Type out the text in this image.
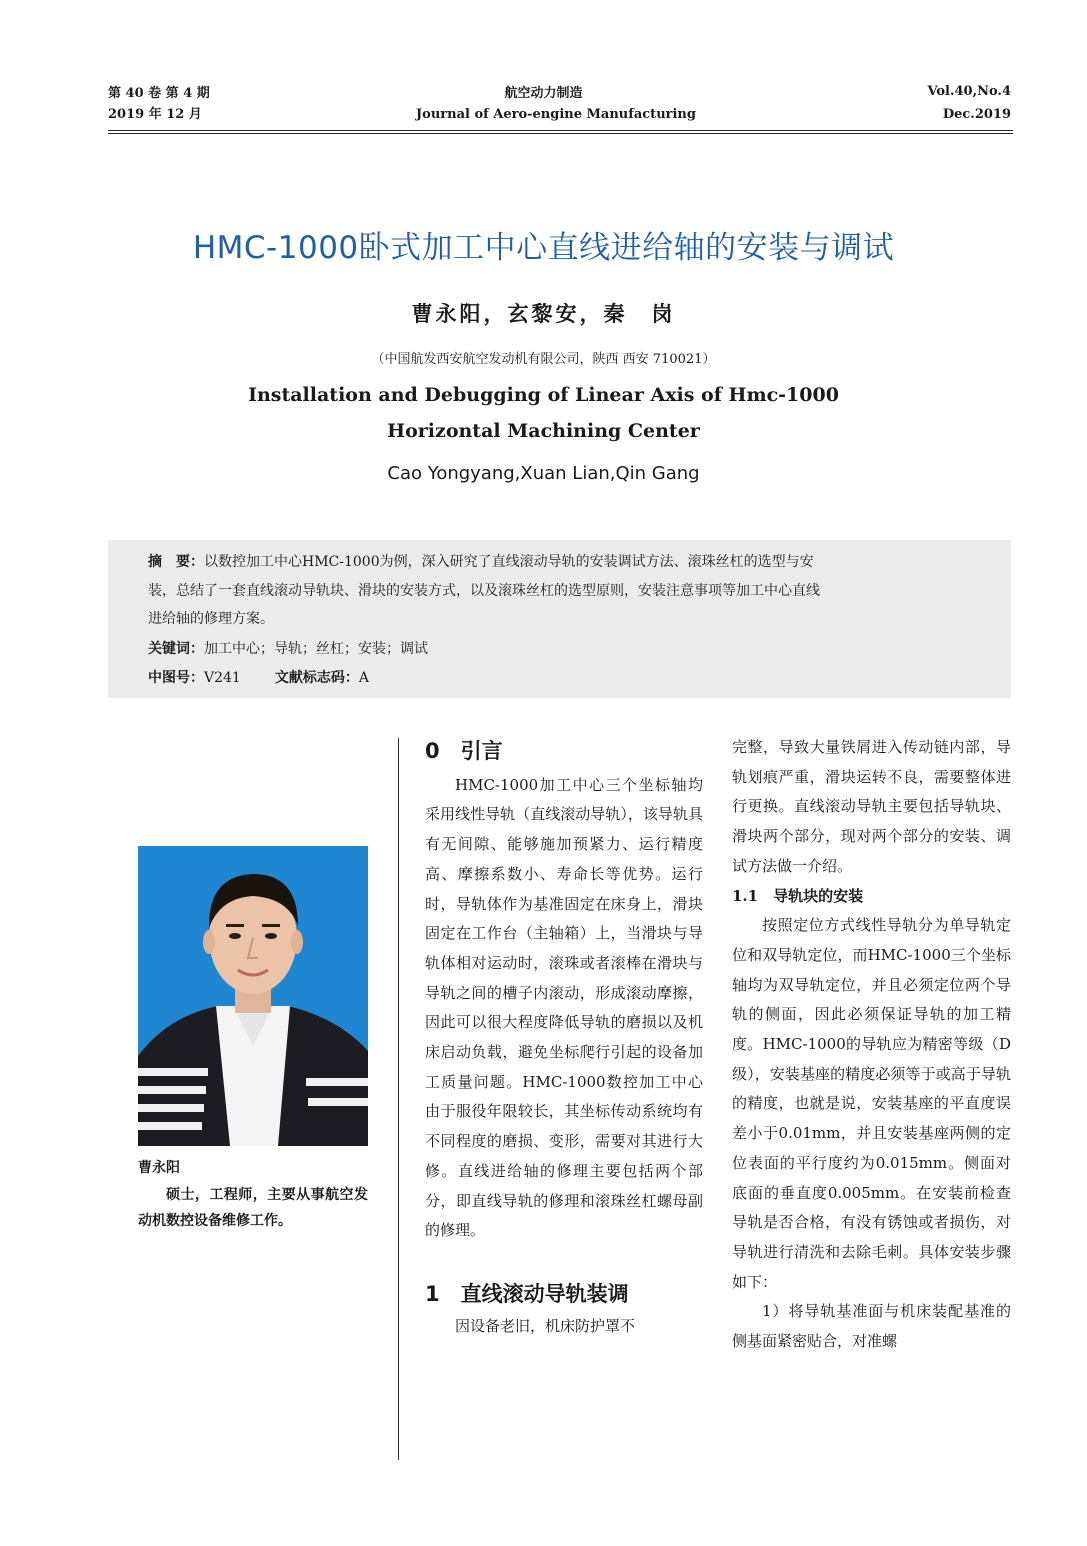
第 40 卷 第 4 期
2019 年 12 月
航空动力制造
Journal of Aero-engine Manufacturing
Vol.40,No.4
Dec.2019
HMC-1000卧式加工中心直线进给轴的安装与调试
曹永阳，玄黎安，秦　岗
（中国航发西安航空发动机有限公司，陕西 西安 710021）
Installation and Debugging of Linear Axis of Hmc-1000
Horizontal Machining Center
Cao Yongyang,Xuan Lian,Qin Gang
摘　要：以数控加工中心HMC-1000为例，深入研究了直线滚动导轨的安装调试方法、滚珠丝杠的选型与安
装，总结了一套直线滚动导轨块、滑块的安装方式，以及滚珠丝杠的选型原则，安装注意事项等加工中心直线
进给轴的修理方案。
关键词：加工中心；导轨；丝杠；安装；调试
中图号：V241 文献标志码：A
曹永阳

硕士，工程师，主要从事航空发动机数控设备维修工作。

0　引言

HMC-1000加工中心三个坐标轴均采用线性导轨（直线滚动导轨），该导轨具有无间隙、能够施加预紧力、运行精度高、摩擦系数小、寿命长等优势。运行时，导轨体作为基准固定在床身上，滑块固定在工作台（主轴箱）上，当滑块与导轨体相对运动时，滚珠或者滚棒在滑块与导轨之间的槽子内滚动，形成滚动摩擦，因此可以很大程度降低导轨的磨损以及机床启动负载，避免坐标爬行引起的设备加工质量问题。HMC-1000数控加工中心由于服役年限较长，其坐标传动系统均有不同程度的磨损、变形，需要对其进行大修。直线进给轴的修理主要包括两个部分，即直线导轨的修理和滚珠丝杠螺母副的修理。

1　直线滚动导轨装调

因设备老旧，机床防护罩不

完整，导致大量铁屑进入传动链内部，导轨划痕严重，滑块运转不良，需要整体进行更换。直线滚动导轨主要包括导轨块、滑块两个部分，现对两个部分的安装、调试方法做一介绍。

1.1　导轨块的安装

按照定位方式线性导轨分为单导轨定位和双导轨定位，而HMC-1000三个坐标轴均为双导轨定位，并且必须定位两个导轨的侧面，因此必须保证导轨的加工精度。HMC-1000的导轨应为精密等级（D级），安装基座的精度必须等于或高于导轨的精度，也就是说，安装基座的平直度误差小于0.01mm，并且安装基座两侧的定位表面的平行度约为0.015mm。侧面对底面的垂直度0.005mm。在安装前检查导轨是否合格，有没有锈蚀或者损伤，对导轨进行清洗和去除毛刺。具体安装步骤如下：

1）将导轨基准面与机床装配基准的侧基面紧密贴合，对准螺
